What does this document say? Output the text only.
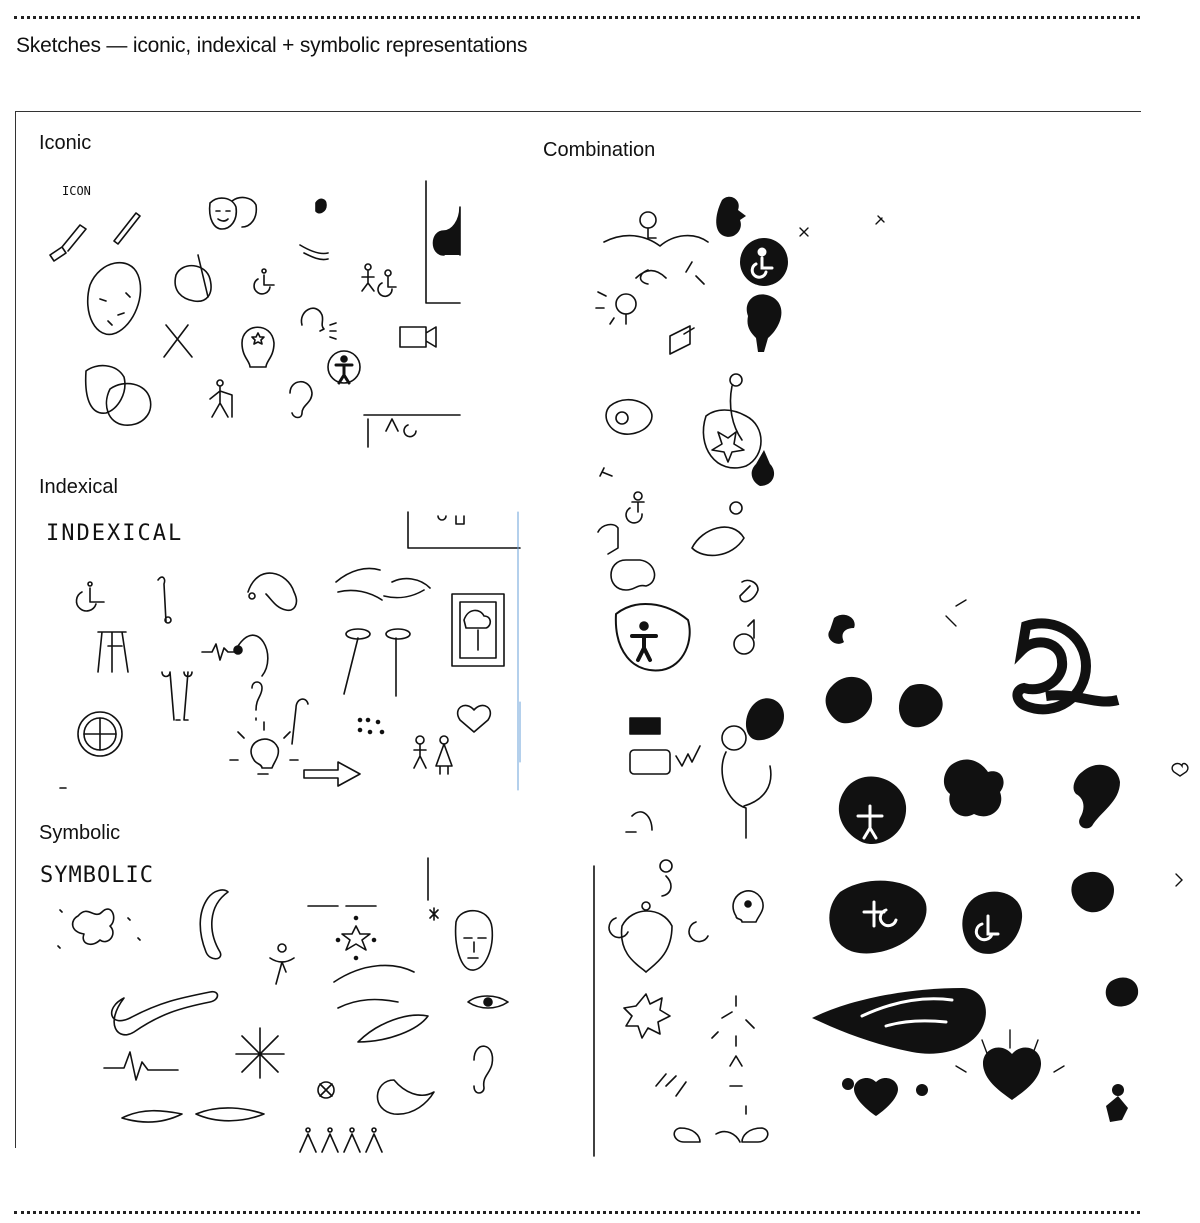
Sketches — iconic, indexical + symbolic representations
Iconic
ICON
Indexical
INDEXICAL
Symbolic
SYMBOLIC
Combination
